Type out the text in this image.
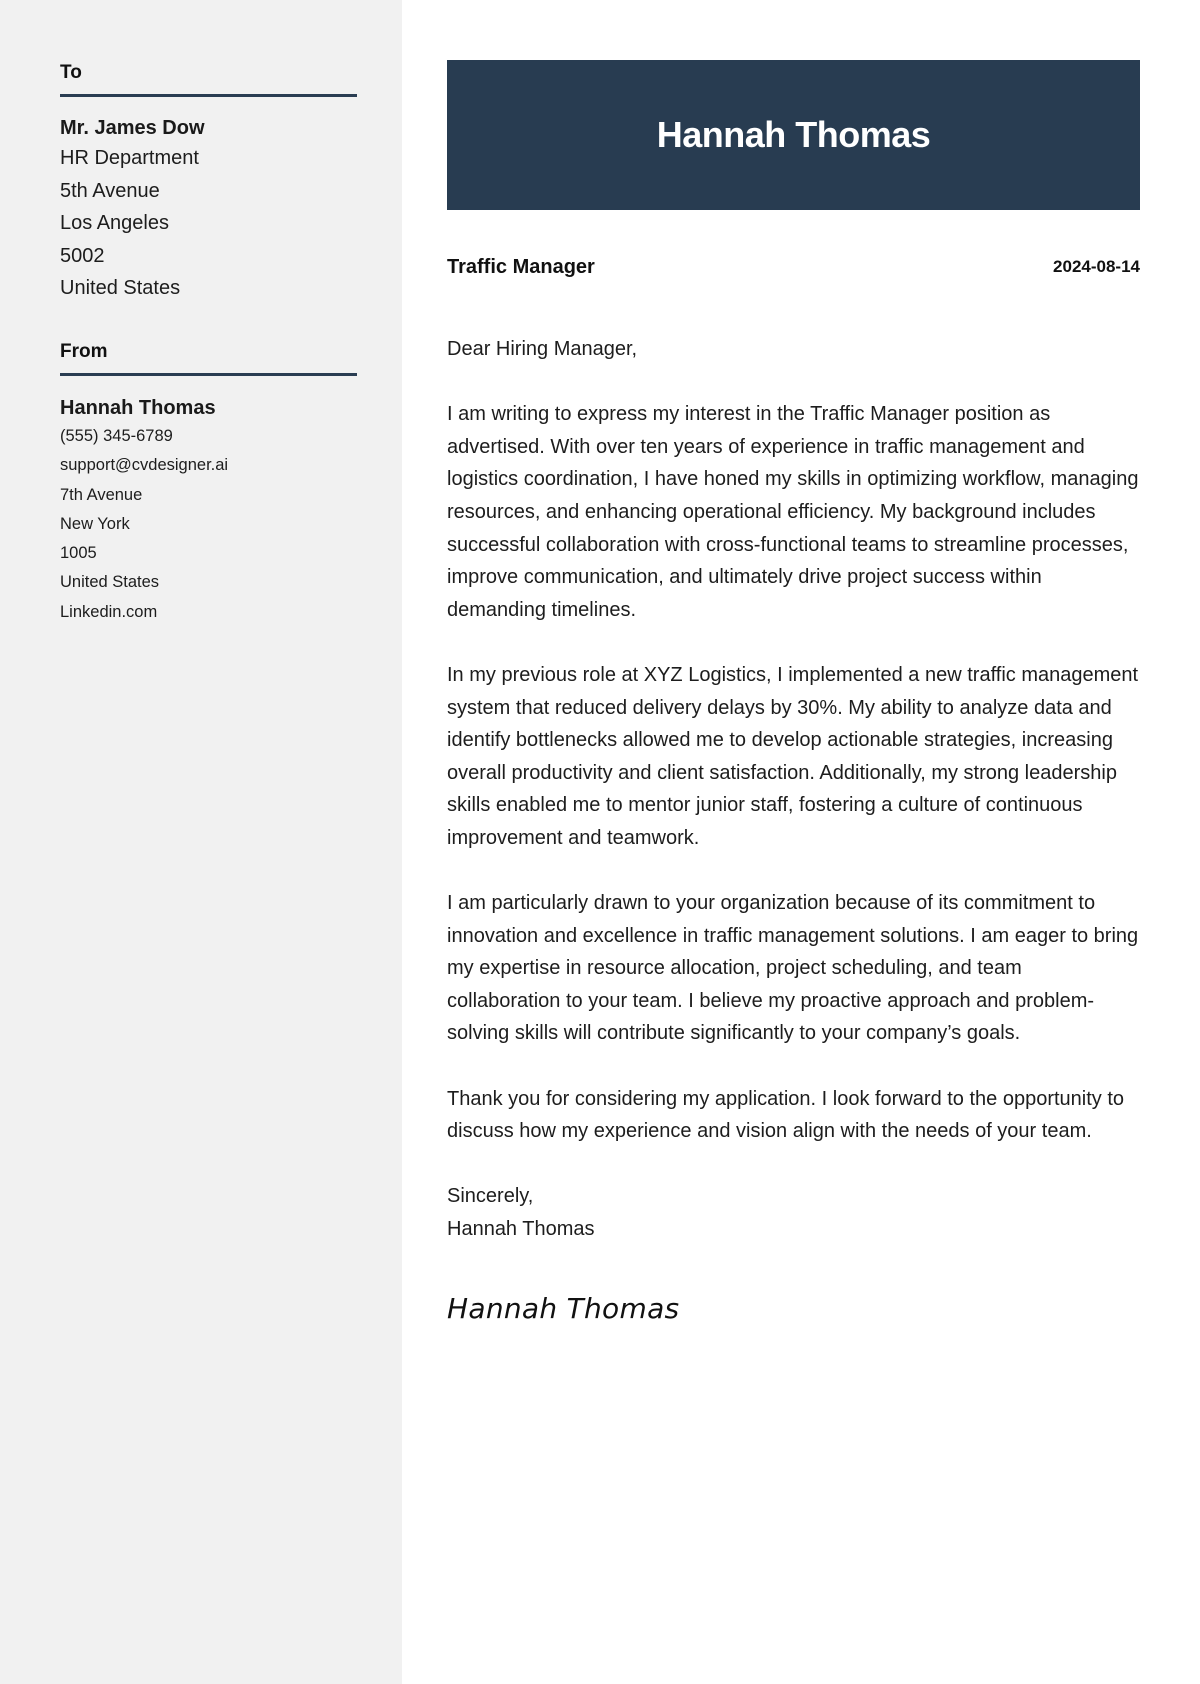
To
Mr. James Dow
HR Department
5th Avenue
Los Angeles
5002
United States
From
Hannah Thomas
(555) 345-6789
support@cvdesigner.ai
7th Avenue
New York
1005
United States
Linkedin.com
Hannah Thomas
Traffic Manager	2024-08-14

Dear Hiring Manager,

I am writing to express my interest in the Traffic Manager position as advertised. With over ten years of experience in traffic management and logistics coordination, I have honed my skills in optimizing workflow, managing resources, and enhancing operational efficiency. My background includes successful collaboration with cross-functional teams to streamline processes, improve communication, and ultimately drive project success within demanding timelines.

In my previous role at XYZ Logistics, I implemented a new traffic management system that reduced delivery delays by 30%. My ability to analyze data and identify bottlenecks allowed me to develop actionable strategies, increasing overall productivity and client satisfaction. Additionally, my strong leadership skills enabled me to mentor junior staff, fostering a culture of continuous improvement and teamwork.

I am particularly drawn to your organization because of its commitment to innovation and excellence in traffic management solutions. I am eager to bring my expertise in resource allocation, project scheduling, and team collaboration to your team. I believe my proactive approach and problem-solving skills will contribute significantly to your company’s goals.

Thank you for considering my application. I look forward to the opportunity to discuss how my experience and vision align with the needs of your team.

Sincerely,
Hannah Thomas
Hannah Thomas
